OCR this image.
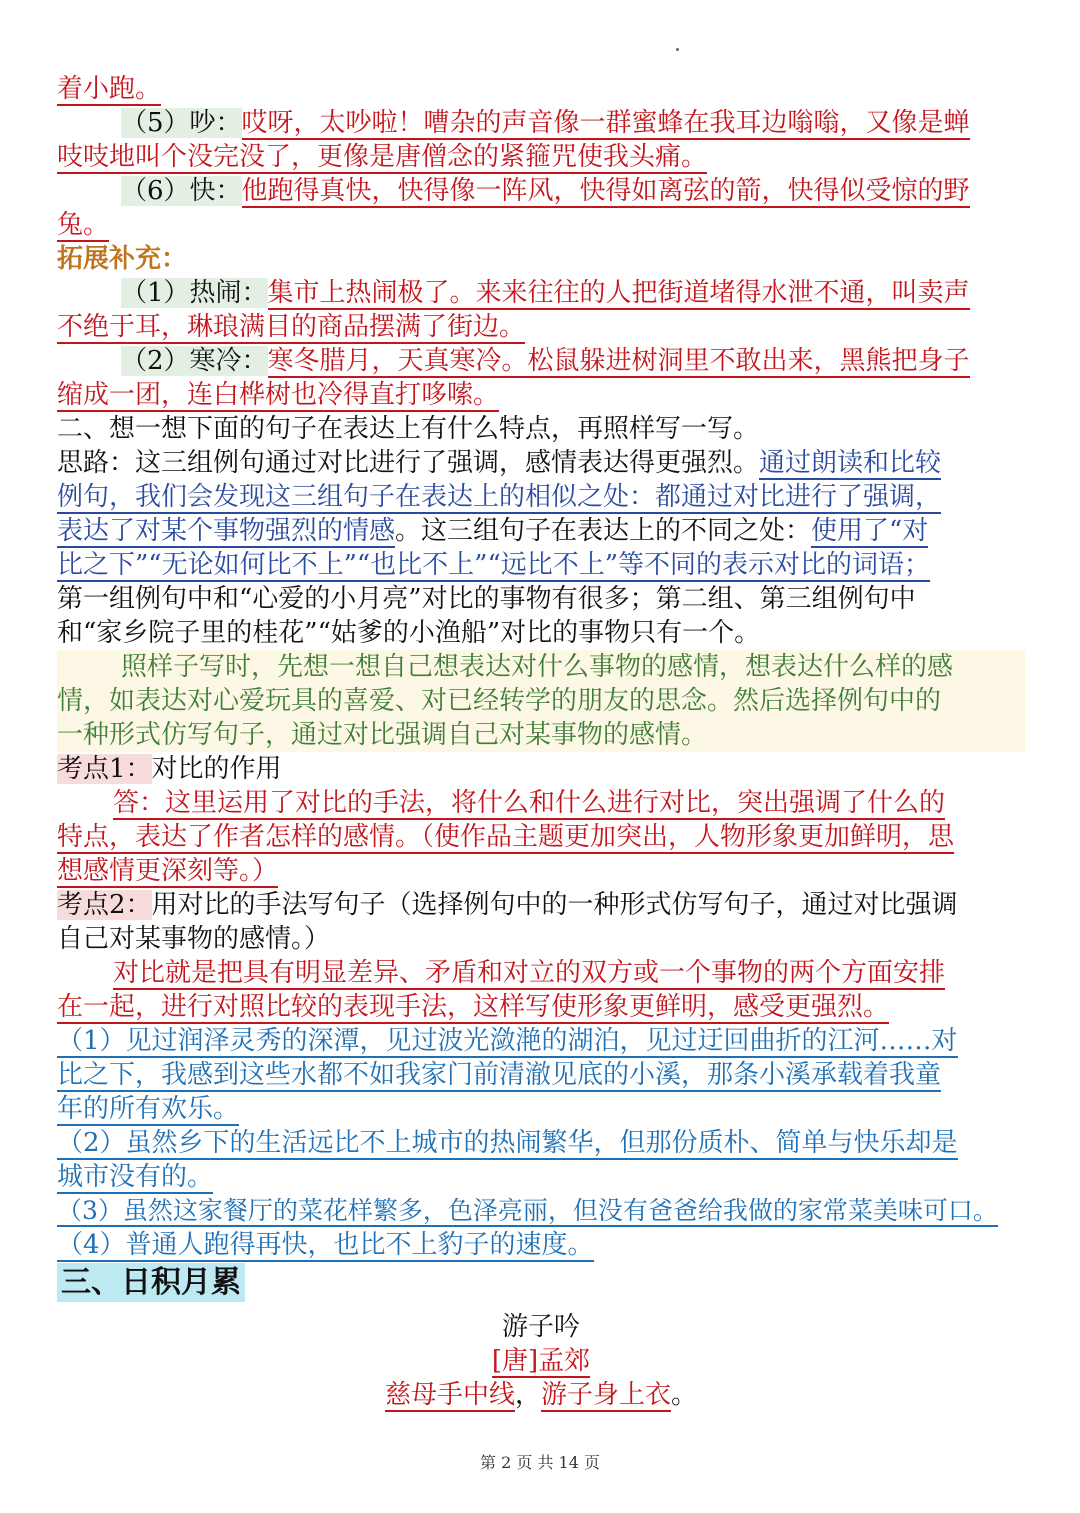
着小跑。
（5）吵：哎呀，太吵啦！嘈杂的声音像一群蜜蜂在我耳边嗡嗡，又像是蝉
吱吱地叫个没完没了，更像是唐僧念的紧箍咒使我头痛。
（6）快：他跑得真快，快得像一阵风，快得如离弦的箭，快得似受惊的野
兔。
拓展补充：
（1）热闹：集市上热闹极了。来来往往的人把街道堵得水泄不通，叫卖声
不绝于耳，琳琅满目的商品摆满了街边。
（2）寒冷：寒冬腊月，天真寒冷。松鼠躲进树洞里不敢出来，黑熊把身子
缩成一团，连白桦树也冷得直打哆嗦。
二、想一想下面的句子在表达上有什么特点，再照样写一写。
思路：这三组例句通过对比进行了强调，感情表达得更强烈。通过朗读和比较
例句，我们会发现这三组句子在表达上的相似之处：都通过对比进行了强调，
表达了对某个事物强烈的情感。这三组句子在表达上的不同之处：使用了“对
比之下”“无论如何比不上”“也比不上”“远比不上”等不同的表示对比的词语；
第一组例句中和“心爱的小月亮”对比的事物有很多；第二组、第三组例句中
和“家乡院子里的桂花”“姑爹的小渔船”对比的事物只有一个。
照样子写时，先想一想自己想表达对什么事物的感情，想表达什么样的感
情，如表达对心爱玩具的喜爱、对已经转学的朋友的思念。然后选择例句中的
一种形式仿写句子，通过对比强调自己对某事物的感情。
考点1：对比的作用
答：这里运用了对比的手法，将什么和什么进行对比，突出强调了什么的
特点，表达了作者怎样的感情。（使作品主题更加突出，人物形象更加鲜明，思
想感情更深刻等。）
考点2：用对比的手法写句子（选择例句中的一种形式仿写句子，通过对比强调
自己对某事物的感情。）
对比就是把具有明显差异、矛盾和对立的双方或一个事物的两个方面安排
在一起，进行对照比较的表现手法，这样写使形象更鲜明，感受更强烈。
（1）见过润泽灵秀的深潭，见过波光潋滟的湖泊，见过迂回曲折的江河……对
比之下，我感到这些水都不如我家门前清澈见底的小溪，那条小溪承载着我童
年的所有欢乐。
（2）虽然乡下的生活远比不上城市的热闹繁华，但那份质朴、简单与快乐却是
城市没有的。
（3）虽然这家餐厅的菜花样繁多，色泽亮丽，但没有爸爸给我做的家常菜美味可口。
（4）普通人跑得再快，也比不上豹子的速度。
三、日积月累
游子吟
[唐]孟郊
慈母手中线，游子身上衣。
第 2 页 共 14 页
